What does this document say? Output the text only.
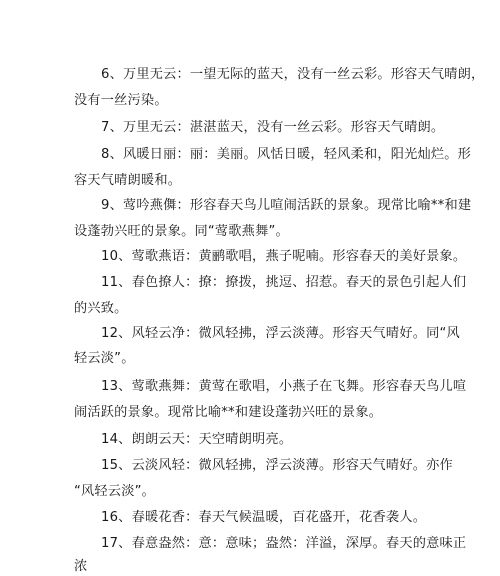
6、万里无云：一望无际的蓝天，没有一丝云彩。形容天气晴朗，
没有一丝污染。
7、万里无云：湛湛蓝天，没有一丝云彩。形容天气晴朗。
8、风暖日丽：丽：美丽。风恬日暖，轻风柔和，阳光灿烂。形
容天气晴朗暖和。
9、莺吟燕儛：形容春天鸟儿喧闹活跃的景象。现常比喻**和建
设蓬勃兴旺的景象。同“莺歌燕舞”。
10、莺歌燕语：黄鹂歌唱，燕子呢喃。形容春天的美好景象。
11、春色撩人：撩：撩拨，挑逗、招惹。春天的景色引起人们
的兴致。
12、风轻云净：微风轻拂，浮云淡薄。形容天气晴好。同“风
轻云淡”。
13、莺歌燕舞：黄莺在歌唱，小燕子在飞舞。形容春天鸟儿喧
闹活跃的景象。现常比喻**和建设蓬勃兴旺的景象。
14、朗朗云天：天空晴朗明亮。
15、云淡风轻：微风轻拂，浮云淡薄。形容天气晴好。亦作
“风轻云淡”。
16、春暖花香：春天气候温暖，百花盛开，花香袭人。
17、春意盎然：意：意味；盎然：洋溢，深厚。春天的意味正
浓
